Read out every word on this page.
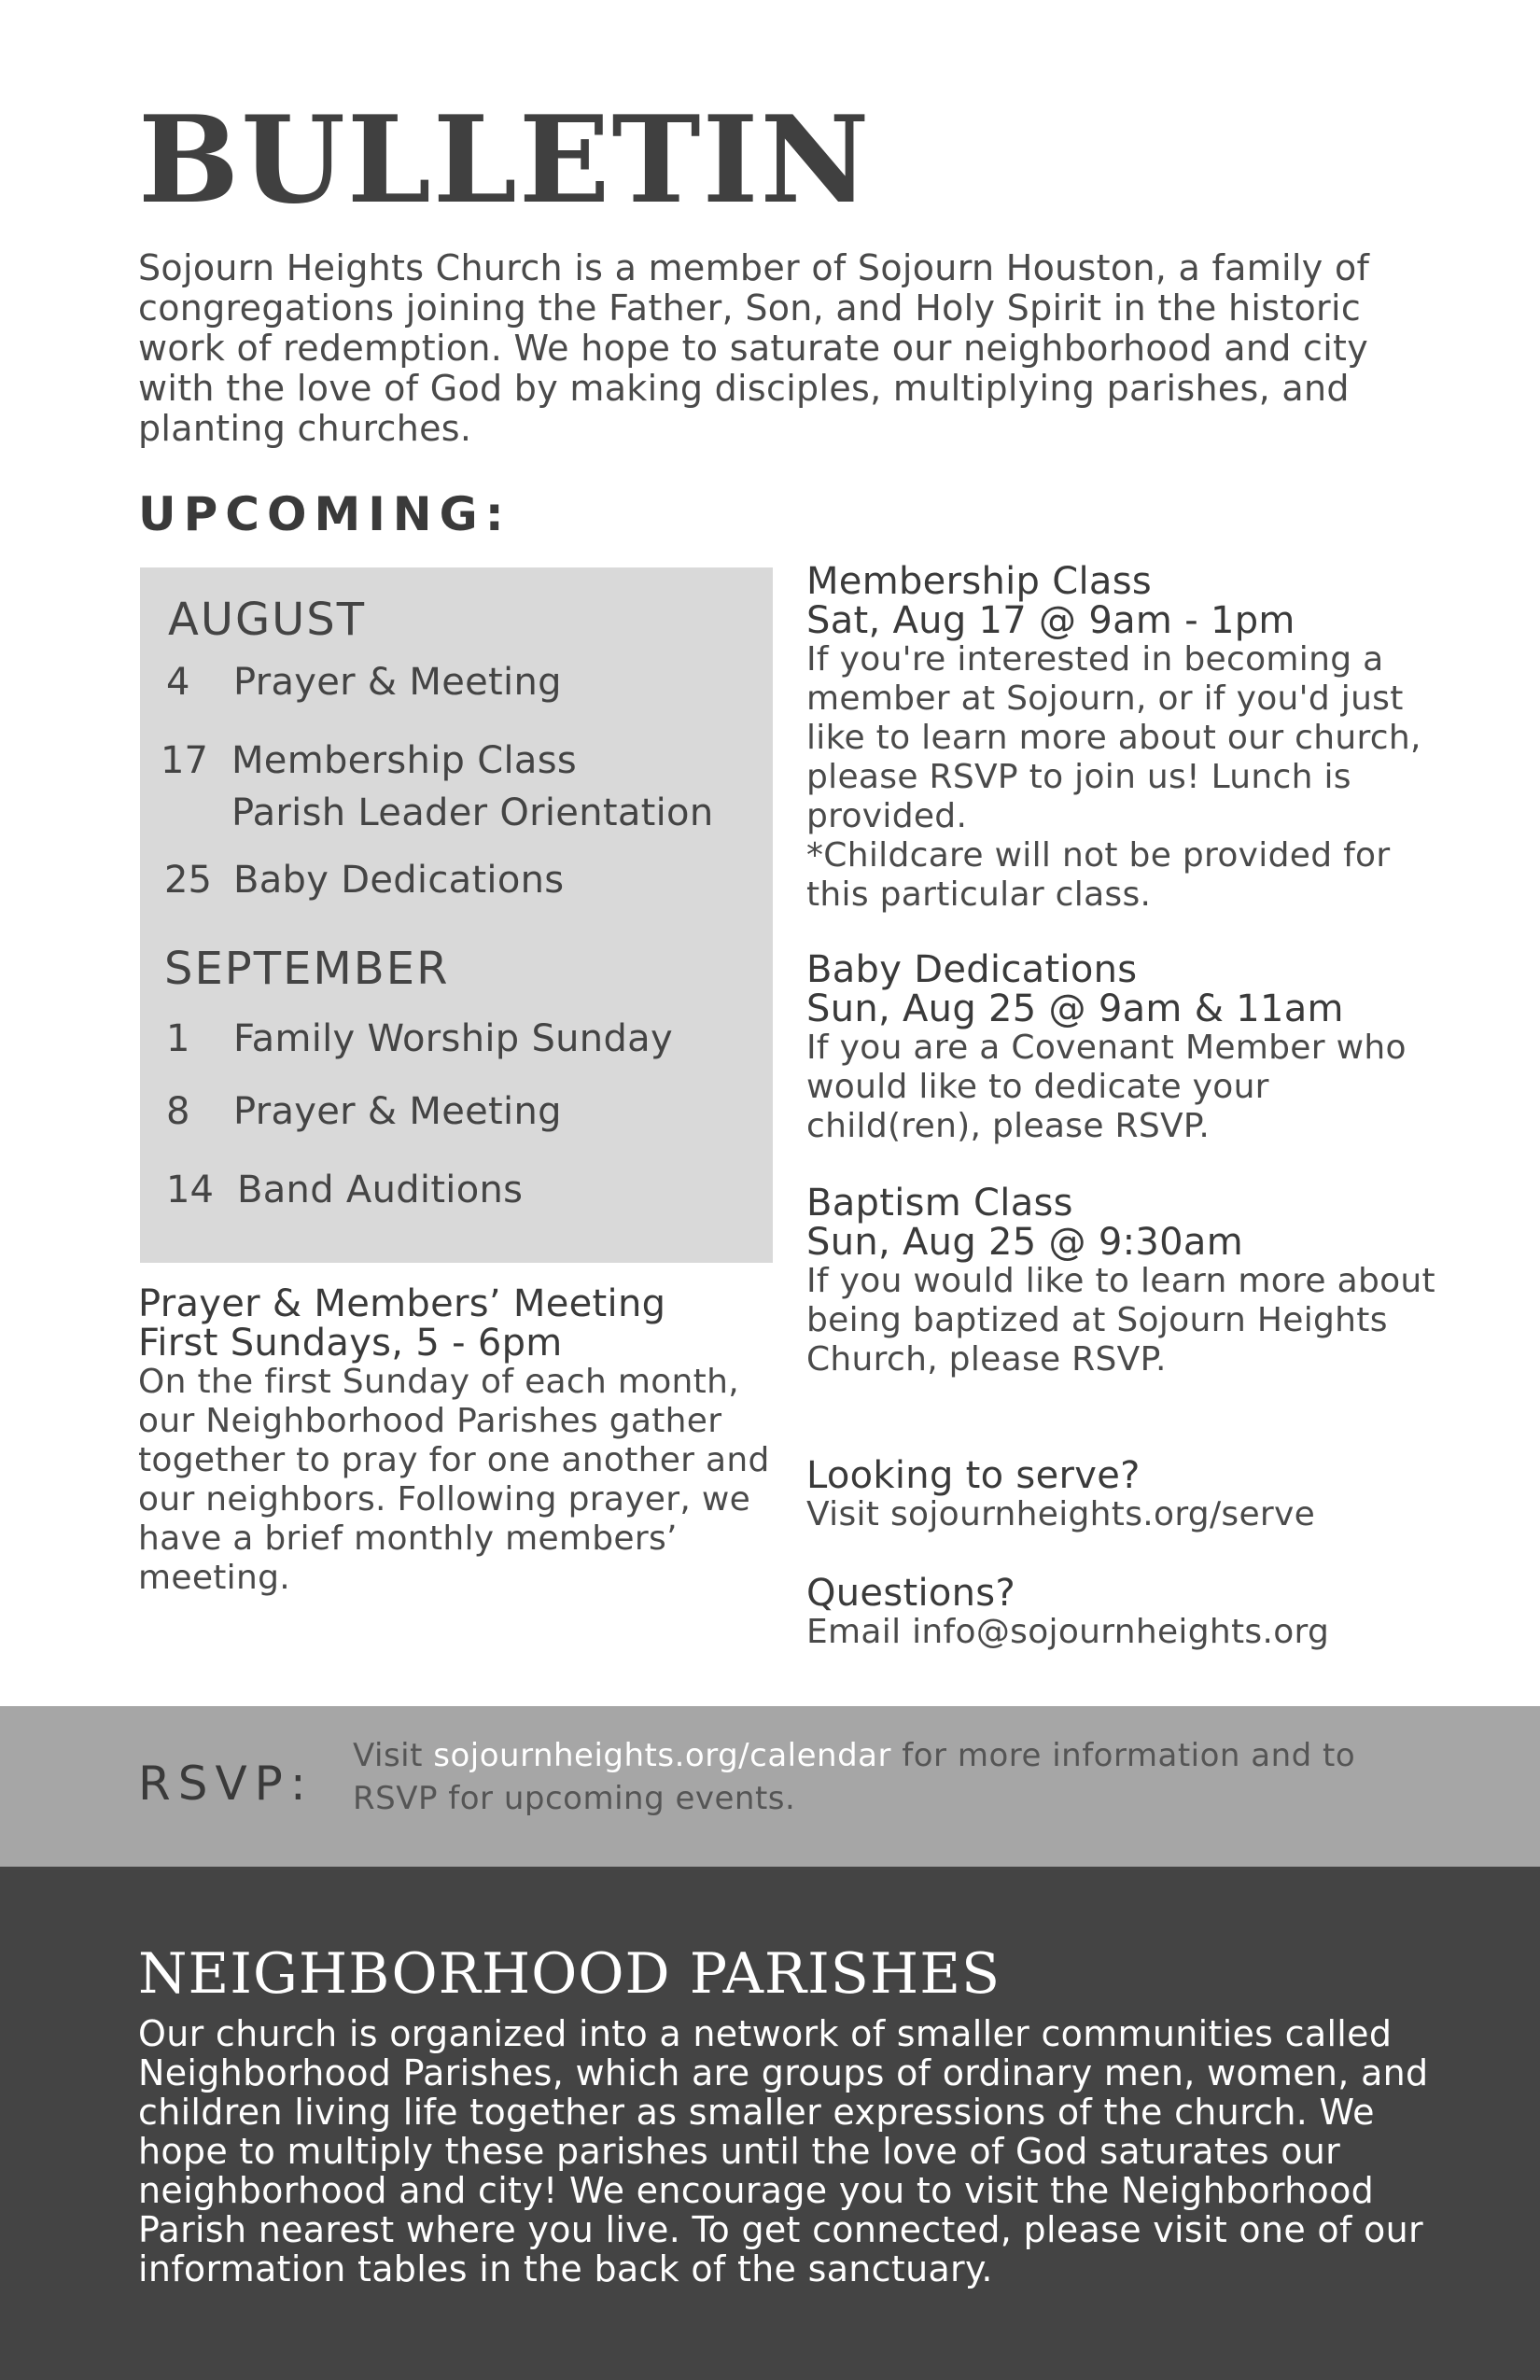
BULLETIN

Sojourn Heights Church is a member of Sojourn Houston, a family of congregations joining the Father, Son, and Holy Spirit in the historic work of redemption. We hope to saturate our neighborhood and city with the love of God by making disciples, multiplying parishes, and planting churches.

UPCOMING:
AUGUST
4 Prayer & Meeting
17 Membership Class
Parish Leader Orientation
25 Baby Dedications
SEPTEMBER
1 Family Worship Sunday
8 Prayer & Meeting
14 Band Auditions
Prayer & Members’ Meeting
First Sundays, 5 - 6pm

On the first Sunday of each month, our Neighborhood Parishes gather together to pray for one another and our neighbors. Following prayer, we have a brief monthly members’ meeting.

Membership Class
Sat, Aug 17 @ 9am - 1pm

If you're interested in becoming a member at Sojourn, or if you'd just like to learn more about our church, please RSVP to join us! Lunch is provided.

*Childcare will not be provided for this particular class.

Baby Dedications
Sun, Aug 25 @ 9am & 11am

If you are a Covenant Member who would like to dedicate your child(ren), please RSVP.

Baptism Class
Sun, Aug 25 @ 9:30am

If you would like to learn more about being baptized at Sojourn Heights Church, please RSVP.

Looking to serve?

Visit sojournheights.org/serve

Questions?

Email info@sojournheights.org

RSVP:
Visit sojournheights.org/calendar for more information and to RSVP for upcoming events.
NEIGHBORHOOD PARISHES

Our church is organized into a network of smaller communities called Neighborhood Parishes, which are groups of ordinary men, women, and children living life together as smaller expressions of the church. We hope to multiply these parishes until the love of God saturates our neighborhood and city! We encourage you to visit the Neighborhood Parish nearest where you live. To get connected, please visit one of our information tables in the back of the sanctuary.
